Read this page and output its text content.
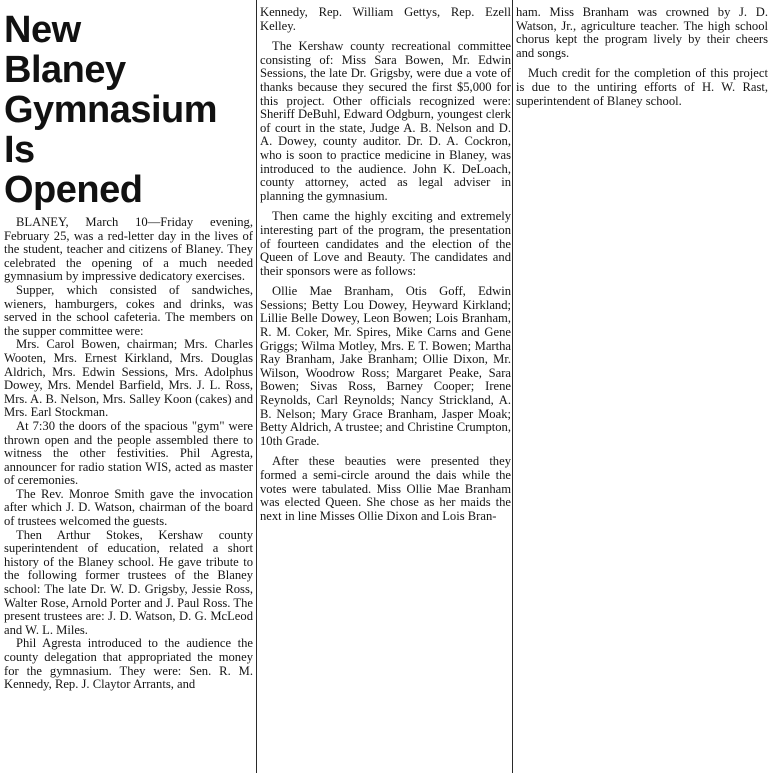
New Blaney
Gymnasium
Is Opened

BLANEY, March 10—Friday evening, February 25, was a red-letter day in the lives of the student, teacher and citizens of Blaney. They celebrated the opening of a much needed gymnasium by impressive dedicatory exercises.

Supper, which consisted of sandwiches, wieners, hamburgers, cokes and drinks, was served in the school cafeteria. The members on the supper committee were:

Mrs. Carol Bowen, chairman; Mrs. Charles Wooten, Mrs. Ernest Kirkland, Mrs. Douglas Aldrich, Mrs. Edwin Sessions, Mrs. Adolphus Dowey, Mrs. Mendel Barfield, Mrs. J. L. Ross, Mrs. A. B. Nelson, Mrs. Salley Koon (cakes) and Mrs. Earl Stockman.

At 7:30 the doors of the spacious "gym" were thrown open and the people assembled there to witness the other festivities. Phil Agresta, announcer for radio station WIS, acted as master of ceremonies.

The Rev. Monroe Smith gave the invocation after which J. D. Watson, chairman of the board of trustees welcomed the guests.

Then Arthur Stokes, Kershaw county superintendent of education, related a short history of the Blaney school. He gave tribute to the following former trustees of the Blaney school: The late Dr. W. D. Grigsby, Jessie Ross, Walter Rose, Arnold Porter and J. Paul Ross. The present trustees are: J. D. Watson, D. G. McLeod and W. L. Miles.

Phil Agresta introduced to the audience the county delegation that appropriated the money for the gymnasium. They were: Sen. R. M. Kennedy, Rep. J. Claytor Arrants, and

Kennedy, Rep. William Gettys, Rep. Ezell Kelley.

The Kershaw county recreational committee consisting of: Miss Sara Bowen, Mr. Edwin Sessions, the late Dr. Grigsby, were due a vote of thanks because they secured the first $5,000 for this project. Other officials recognized were: Sheriff DeBuhl, Edward Odgburn, youngest clerk of court in the state, Judge A. B. Nelson and D. A. Dowey, county auditor. Dr. D. A. Cockron, who is soon to practice medicine in Blaney, was introduced to the audience. John K. DeLoach, county attorney, acted as legal adviser in planning the gymnasium.

Then came the highly exciting and extremely interesting part of the program, the presentation of fourteen candidates and the election of the Queen of Love and Beauty. The candidates and their sponsors were as follows:

Ollie Mae Branham, Otis Goff, Edwin Sessions; Betty Lou Dowey, Heyward Kirkland; Lillie Belle Dowey, Leon Bowen; Lois Branham, R. M. Coker, Mr. Spires, Mike Carns and Gene Griggs; Wilma Motley, Mrs. E T. Bowen; Martha Ray Branham, Jake Branham; Ollie Dixon, Mr. Wilson, Woodrow Ross; Margaret Peake, Sara Bowen; Sivas Ross, Barney Cooper; Irene Reynolds, Carl Reynolds; Nancy Strickland, A. B. Nelson; Mary Grace Branham, Jasper Moak; Betty Aldrich, A trustee; and Christine Crumpton, 10th Grade.

After these beauties were presented they formed a semi-circle around the dais while the votes were tabulated. Miss Ollie Mae Branham was elected Queen. She chose as her maids the next in line Misses Ollie Dixon and Lois Bran-

ham. Miss Branham was crowned by J. D. Watson, Jr., agriculture teacher. The high school chorus kept the program lively by their cheers and songs.

Much credit for the completion of this project is due to the untiring efforts of H. W. Rast, superintendent of Blaney school.
